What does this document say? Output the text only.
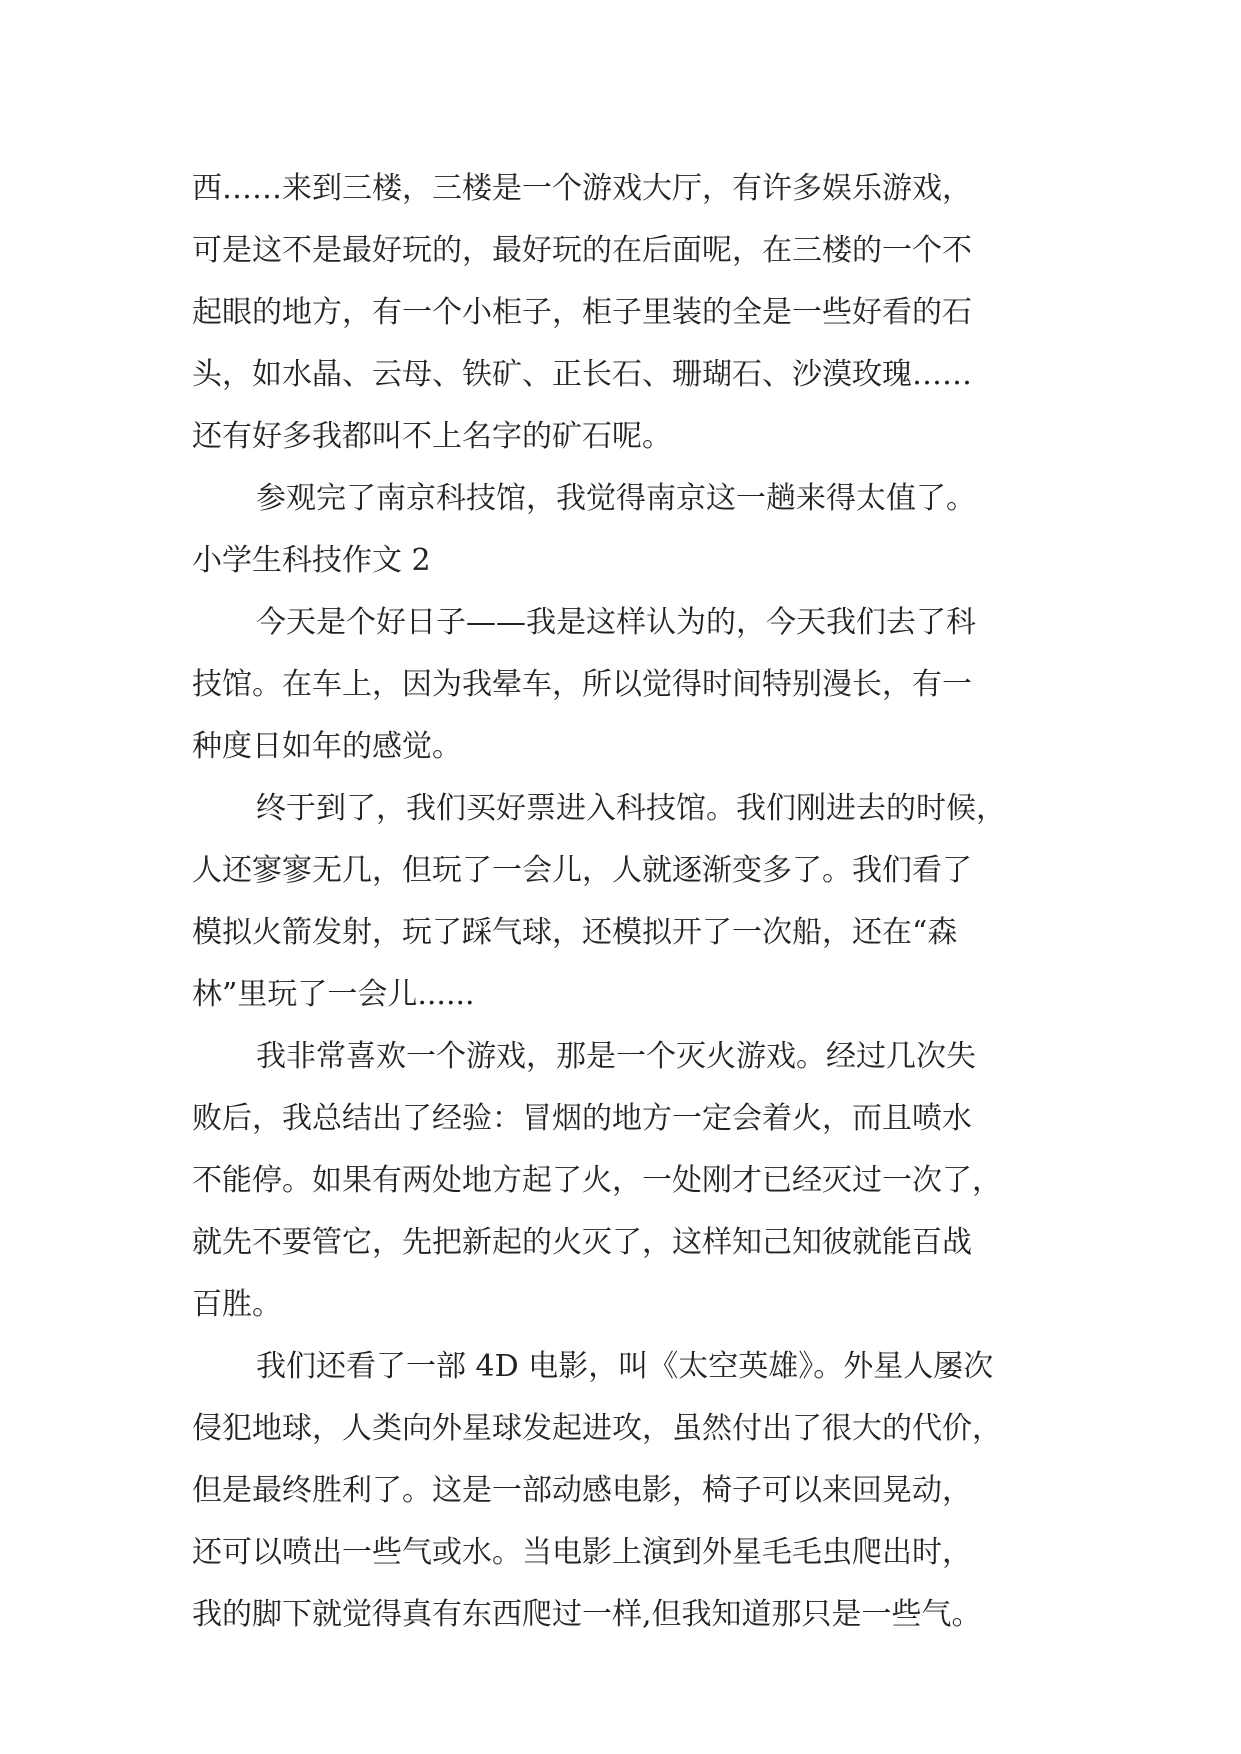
西……来到三楼，三楼是一个游戏大厅，有许多娱乐游戏，
可是这不是最好玩的，最好玩的在后面呢，在三楼的一个不
起眼的地方，有一个小柜子，柜子里装的全是一些好看的石
头，如水晶、云母、铁矿、正长石、珊瑚石、沙漠玫瑰……
还有好多我都叫不上名字的矿石呢。
参观完了南京科技馆，我觉得南京这一趟来得太值了。
小学生科技作文 2
今天是个好日子——我是这样认为的，今天我们去了科
技馆。在车上，因为我晕车，所以觉得时间特别漫长，有一
种度日如年的感觉。
终于到了，我们买好票进入科技馆。我们刚进去的时候，
人还寥寥无几，但玩了一会儿，人就逐渐变多了。我们看了
模拟火箭发射，玩了踩气球，还模拟开了一次船，还在“森
林”里玩了一会儿......
我非常喜欢一个游戏，那是一个灭火游戏。经过几次失
败后，我总结出了经验：冒烟的地方一定会着火，而且喷水
不能停。如果有两处地方起了火，一处刚才已经灭过一次了，
就先不要管它，先把新起的火灭了，这样知己知彼就能百战
百胜。
我们还看了一部 4D 电影，叫《太空英雄》。外星人屡次
侵犯地球，人类向外星球发起进攻，虽然付出了很大的代价，
但是最终胜利了。这是一部动感电影，椅子可以来回晃动，
还可以喷出一些气或水。当电影上演到外星毛毛虫爬出时，
我的脚下就觉得真有东西爬过一样,但我知道那只是一些气。
